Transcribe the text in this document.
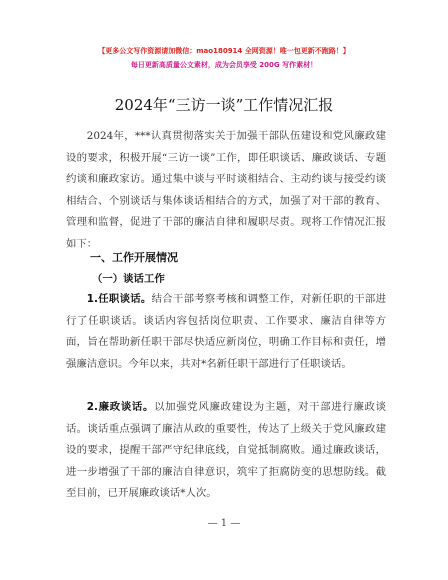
【更多公文写作资源请加微信：mao180914 全网资源！唯一包更新不跑路！】
每日更新高质量公文素材，成为会员享受 200G 写作素材！
2024年“三访一谈”工作情况汇报
2024年，***认真贯彻落实关于加强干部队伍建设和党风廉政建设的要求，积极开展“三访一谈”工作，即任职谈话、廉政谈话、专题约谈和廉政家访。通过集中谈与平时谈相结合、主动约谈与接受约谈相结合、个别谈话与集体谈话相结合的方式，加强了对干部的教育、管理和监督，促进了干部的廉洁自律和履职尽责。现将工作情况汇报如下：
一、工作开展情况
（一）谈话工作
1.任职谈话。结合干部考察考核和调整工作，对新任职的干部进行了任职谈话。谈话内容包括岗位职责、工作要求、廉洁自律等方面，旨在帮助新任职干部尽快适应新岗位，明确工作目标和责任，增强廉洁意识。今年以来，共对*名新任职干部进行了任职谈话。
2.廉政谈话。以加强党风廉政建设为主题，对干部进行廉政谈话。谈话重点强调了廉洁从政的重要性，传达了上级关于党风廉政建设的要求，提醒干部严守纪律底线，自觉抵制腐败。通过廉政谈话，进一步增强了干部的廉洁自律意识，筑牢了拒腐防变的思想防线。截至目前，已开展廉政谈话*人次。
— 1 —
